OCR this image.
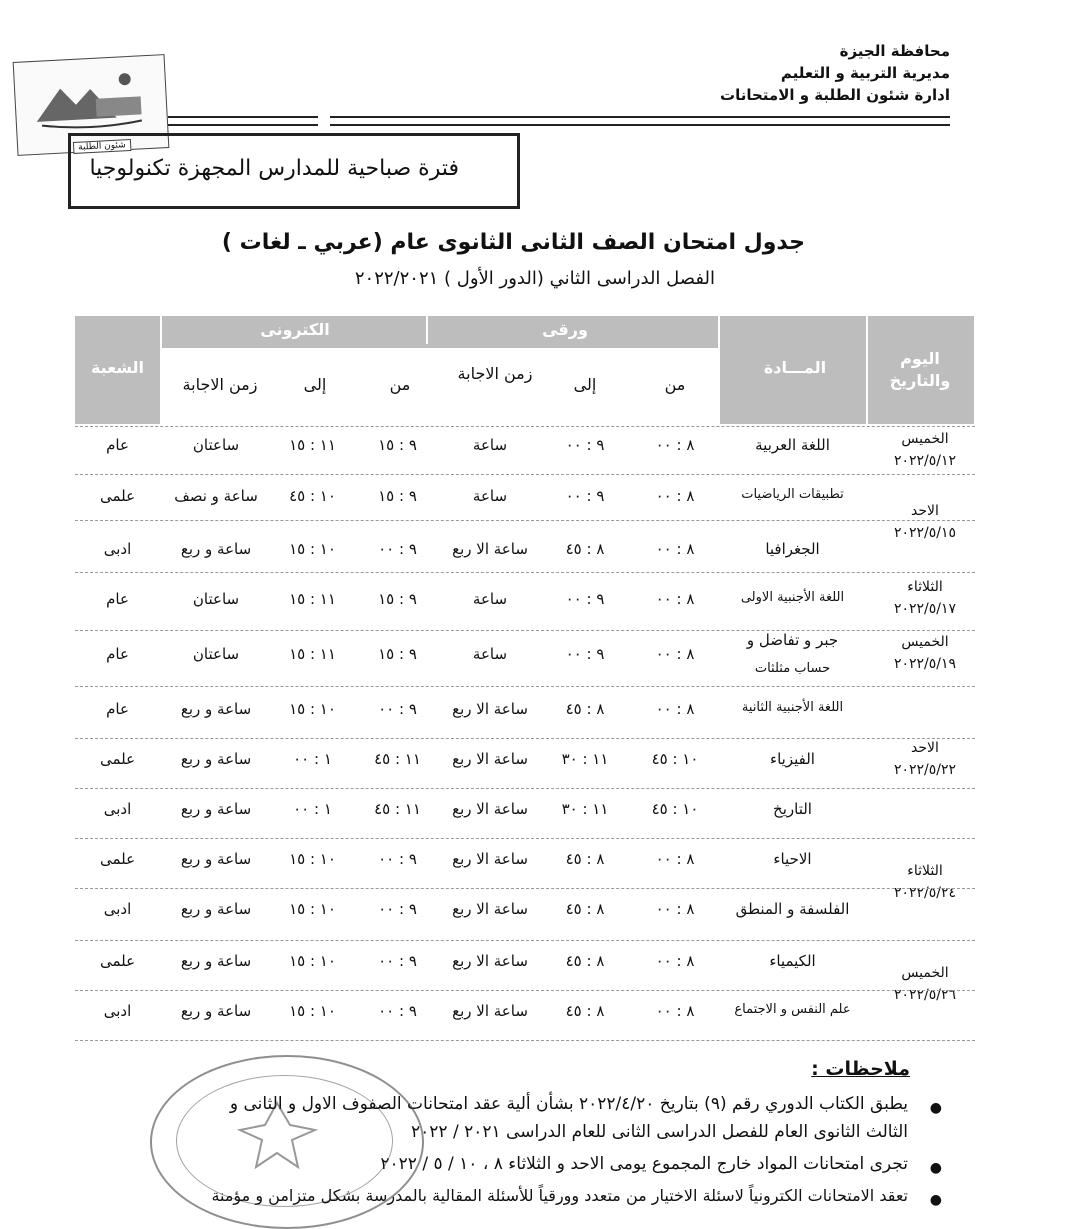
محافظة الجيزة
مديرية التربية و التعليم
ادارة شئون الطلبة و الامتحانات
شئون الطلبة
فترة صباحية للمدارس المجهزة تكنولوجيا
جدول امتحان الصف الثانى الثانوى عام (عربي ـ لغات )
الفصل الدراسى الثاني (الدور الأول ) ٢٠٢٢/٢٠٢١
اليوم والتاريخ
المـــادة
ورقى
الكترونى
الشعبة
من
إلى
زمن الاجابة
من
إلى
زمن الاجابة
الخميس
٢٠٢٢/٥/١٢
الاحد
٢٠٢٢/٥/١٥
الثلاثاء
٢٠٢٢/٥/١٧
الخميس
٢٠٢٢/٥/١٩
الاحد
٢٠٢٢/٥/٢٢
الثلاثاء
٢٠٢٢/٥/٢٤
الخميس
٢٠٢٢/٥/٢٦
اللغة العربية
٨ : ٠٠
٩ : ٠٠
ساعة
٩ : ١٥
١١ : ١٥
ساعتان
عام
تطبيقات الرياضيات
٨ : ٠٠
٩ : ٠٠
ساعة
٩ : ١٥
١٠ : ٤٥
ساعة و نصف
علمى
الجغرافيا
٨ : ٠٠
٨ : ٤٥
ساعة الا ربع
٩ : ٠٠
١٠ : ١٥
ساعة و ربع
ادبى
اللغة الأجنبية الاولى
٨ : ٠٠
٩ : ٠٠
ساعة
٩ : ١٥
١١ : ١٥
ساعتان
عام
جبر و تفاضل و
٨ : ٠٠
٩ : ٠٠
ساعة
٩ : ١٥
١١ : ١٥
ساعتان
عام
حساب مثلثات
اللغة الأجنبية الثانية
٨ : ٠٠
٨ : ٤٥
ساعة الا ربع
٩ : ٠٠
١٠ : ١٥
ساعة و ربع
عام
الفيزياء
١٠ : ٤٥
١١ : ٣٠
ساعة الا ربع
١١ : ٤٥
١ : ٠٠
ساعة و ربع
علمى
التاريخ
١٠ : ٤٥
١١ : ٣٠
ساعة الا ربع
١١ : ٤٥
١ : ٠٠
ساعة و ربع
ادبى
الاحياء
٨ : ٠٠
٨ : ٤٥
ساعة الا ربع
٩ : ٠٠
١٠ : ١٥
ساعة و ربع
علمى
الفلسفة و المنطق
٨ : ٠٠
٨ : ٤٥
ساعة الا ربع
٩ : ٠٠
١٠ : ١٥
ساعة و ربع
ادبى
الكيمياء
٨ : ٠٠
٨ : ٤٥
ساعة الا ربع
٩ : ٠٠
١٠ : ١٥
ساعة و ربع
علمى
علم النفس و الاجتماع
٨ : ٠٠
٨ : ٤٥
ساعة الا ربع
٩ : ٠٠
١٠ : ١٥
ساعة و ربع
ادبى
ملاحظات :
●
يطبق الكتاب الدوري رقم (٩) بتاريخ ٢٠٢٢/٤/٢٠ بشأن ألية عقد امتحانات الصفوف الاول و الثانى و
الثالث الثانوى العام للفصل الدراسى الثانى للعام الدراسى ٢٠٢١ / ٢٠٢٢
●
تجرى امتحانات المواد خارج المجموع يومى الاحد و الثلاثاء ٨ ، ١٠ / ٥ / ٢٠٢٢
●
تعقد الامتحانات الكترونياً لاسئلة الاختيار من متعدد وورقياً للأسئلة المقالية بالمدرسة بشكل متزامن و مؤمنة
